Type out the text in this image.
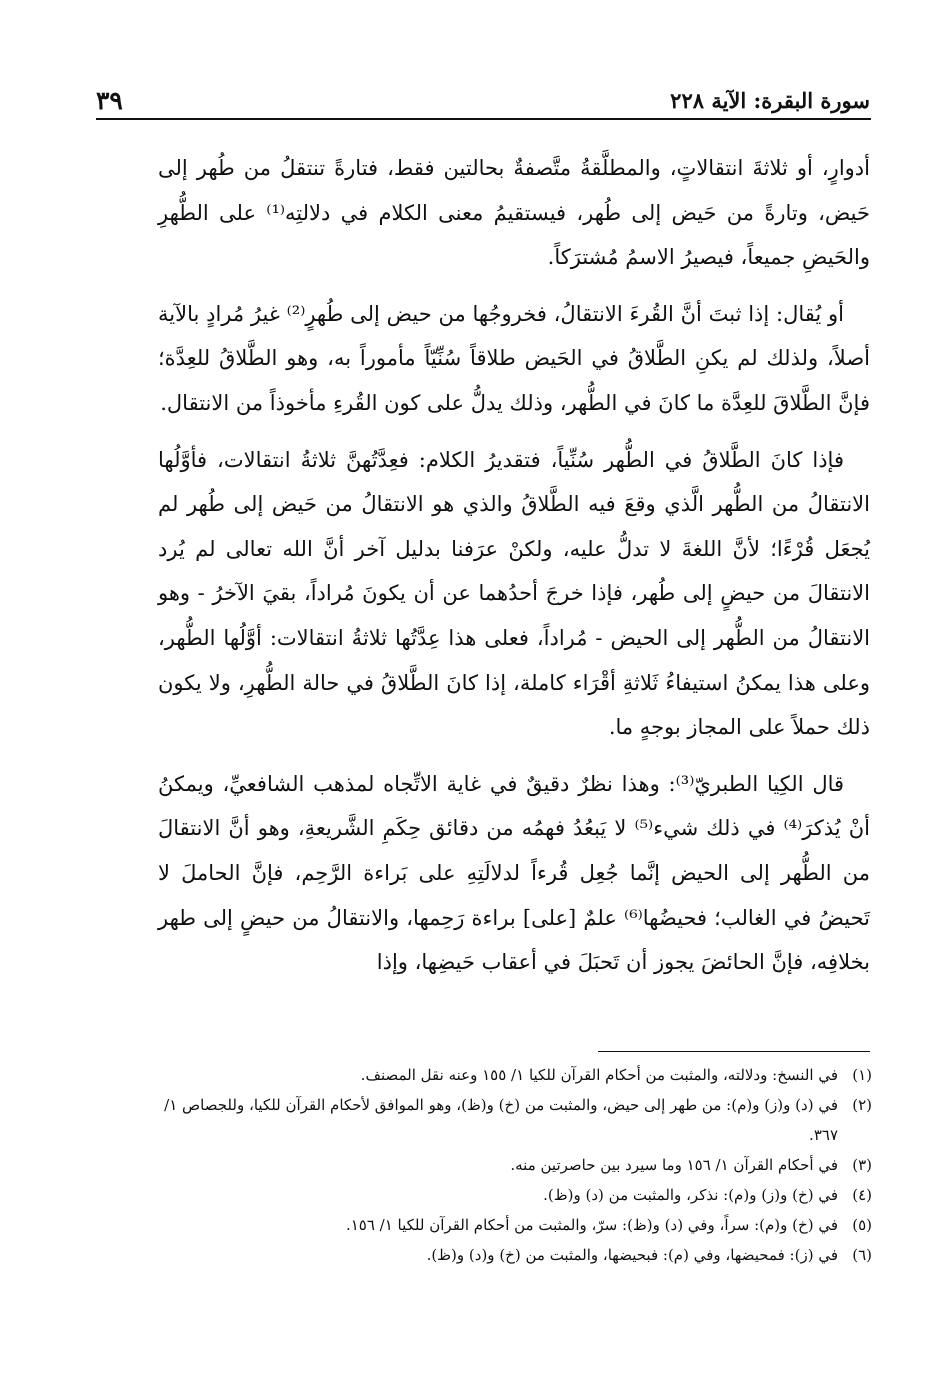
سورة البقرة: الآية ٢٢٨
٣٩

أدوارٍ، أو ثلاثةَ انتقالاتٍ، والمطلَّقةُ متَّصفةٌ بحالتين فقط، فتارةً تنتقلُ من طُهر إلى حَيض، وتارةً من حَيض إلى طُهر، فيستقيمُ معنى الكلام في دلالتِه⁽¹⁾ على الطُّهرِ والحَيضِ جميعاً، فيصيرُ الاسمُ مُشترَكاً.

أو يُقال: إذا ثبتَ أنَّ القُرءَ الانتقالُ، فخروجُها من حيض إلى طُهرٍ⁽²⁾ غيرُ مُرادٍ بالآية أصلاً، ولذلك لم يكنِ الطَّلاقُ في الحَيض طلاقاً سُنِّيّاً مأموراً به، وهو الطَّلاقُ للعِدَّة؛ فإنَّ الطَّلاقَ للعِدَّة ما كانَ في الطُّهر، وذلك يدلُّ على كون القُرءِ مأخوذاً من الانتقال.

فإذا كانَ الطَّلاقُ في الطُّهر سُنِّياً، فتقديرُ الكلام: فعِدَّتُهنَّ ثلاثةُ انتقالات، فأوَّلُها الانتقالُ من الطُّهر الَّذي وقعَ فيه الطَّلاقُ والذي هو الانتقالُ من حَيض إلى طُهر لم يُجعَل قُرْءًا؛ لأنَّ اللغةَ لا تدلُّ عليه، ولكنْ عرَفنا بدليل آخر أنَّ الله تعالى لم يُرد الانتقالَ من حيضٍ إلى طُهر، فإذا خرجَ أحدُهما عن أن يكونَ مُراداً، بقيَ الآخرُ - وهو الانتقالُ من الطُّهر إلى الحيض - مُراداً، فعلى هذا عِدَّتُها ثلاثةُ انتقالات: أوَّلُها الطُّهر، وعلى هذا يمكنُ استيفاءُ ثَلاثةِ أقْرَاء كاملة، إذا كانَ الطَّلاقُ في حالة الطُّهرِ، ولا يكون ذلك حملاً على المجاز بوجهٍ ما.

قال الكِيا الطبريّ⁽³⁾: وهذا نظرٌ دقيقٌ في غاية الاتِّجاه لمذهب الشافعيِّ، ويمكنُ أنْ يُذكرَ⁽⁴⁾ في ذلك شيء⁽⁵⁾ لا يَبعُدُ فهمُه من دقائق حِكَمِ الشَّريعةِ، وهو أنَّ الانتقالَ من الطُّهر إلى الحيض إنَّما جُعِل قُرءاً لدلالَتِهِ على بَراءة الرَّحِم، فإنَّ الحاملَ لا تَحيضُ في الغالب؛ فحيضُها⁽⁶⁾ علمٌ [على] براءة رَحِمها، والانتقالُ من حيضٍ إلى طهر بخلافِه، فإنَّ الحائضَ يجوز أن تَحبَلَ في أعقاب حَيضِها، وإذا

(١)
في النسخ: ودلالته، والمثبت من أحكام القرآن للكيا ١/ ١٥٥ وعنه نقل المصنف.
(٢)
في (د) و(ز) و(م): من طهر إلى حيض، والمثبت من (خ) و(ظ)، وهو الموافق لأحكام القرآن للكيا، وللجصاص ١/ ٣٦٧.
(٣)
في أحكام القرآن ١/ ١٥٦ وما سيرد بين حاصرتين منه.
(٤)
في (خ) و(ز) و(م): نذكر، والمثبت من (د) و(ظ).
(٥)
في (خ) و(م): سراً، وفي (د) و(ظ): سرّ، والمثبت من أحكام القرآن للكيا ١/ ١٥٦.
(٦)
في (ز): فمحيضها، وفي (م): فبحيضها، والمثبت من (خ) و(د) و(ظ).
